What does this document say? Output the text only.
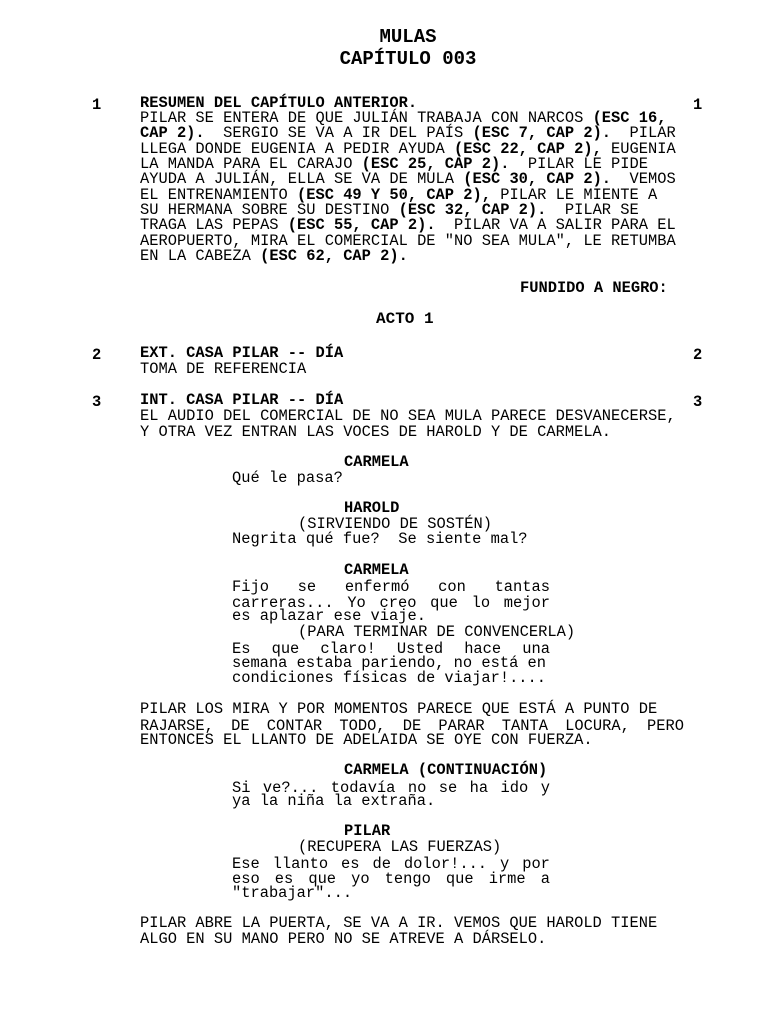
MULAS
CAPÍTULO 003
1	RESUMEN DEL CAPÍTULO ANTERIOR.	1
PILAR SE ENTERA DE QUE JULIÁN TRABAJA CON NARCOS (ESC 16,
CAP 2).  SERGIO SE VA A IR DEL PAÍS (ESC 7, CAP 2).  PILAR
LLEGA DONDE EUGENIA A PEDIR AYUDA (ESC 22, CAP 2), EUGENIA
LA MANDA PARA EL CARAJO (ESC 25, CAP 2).  PILAR LE PIDE
AYUDA A JULIÁN, ELLA SE VA DE MULA (ESC 30, CAP 2).  VEMOS
EL ENTRENAMIENTO (ESC 49 Y 50, CAP 2), PILAR LE MIENTE A
SU HERMANA SOBRE SU DESTINO (ESC 32, CAP 2).  PILAR SE
TRAGA LAS PEPAS (ESC 55, CAP 2).  PILAR VA A SALIR PARA EL
AEROPUERTO, MIRA EL COMERCIAL DE "NO SEA MULA", LE RETUMBA
EN LA CABEZA (ESC 62, CAP 2).
FUNDIDO A NEGRO:
ACTO 1
2	EXT. CASA PILAR -- DÍA	2
TOMA DE REFERENCIA
3	INT. CASA PILAR -- DÍA	3
EL AUDIO DEL COMERCIAL DE NO SEA MULA PARECE DESVANECERSE,
Y OTRA VEZ ENTRAN LAS VOCES DE HAROLD Y DE CARMELA.
CARMELA
Qué le pasa?
HAROLD
(SIRVIENDO DE SOSTÉN)
Negrita qué fue?  Se siente mal?
CARMELA
Fijo se enfermó con tantas
carreras... Yo creo que lo mejor
es aplazar ese viaje.
(PARA TERMINAR DE CONVENCERLA)
Es que claro! Usted hace una
semana estaba pariendo, no está en
condiciones físicas de viajar!....
PILAR LOS MIRA Y POR MOMENTOS PARECE QUE ESTÁ A PUNTO DE
RAJARSE, DE CONTAR TODO, DE PARAR TANTA LOCURA, PERO
ENTONCES EL LLANTO DE ADELAIDA SE OYE CON FUERZA.
CARMELA (CONTINUACIÓN)
Si ve?... todavía no se ha ido y
ya la niña la extraña.
PILAR
(RECUPERA LAS FUERZAS)
Ese llanto es de dolor!... y por
eso es que yo tengo que irme a
"trabajar"...
PILAR ABRE LA PUERTA, SE VA A IR. VEMOS QUE HAROLD TIENE
ALGO EN SU MANO PERO NO SE ATREVE A DÁRSELO.
